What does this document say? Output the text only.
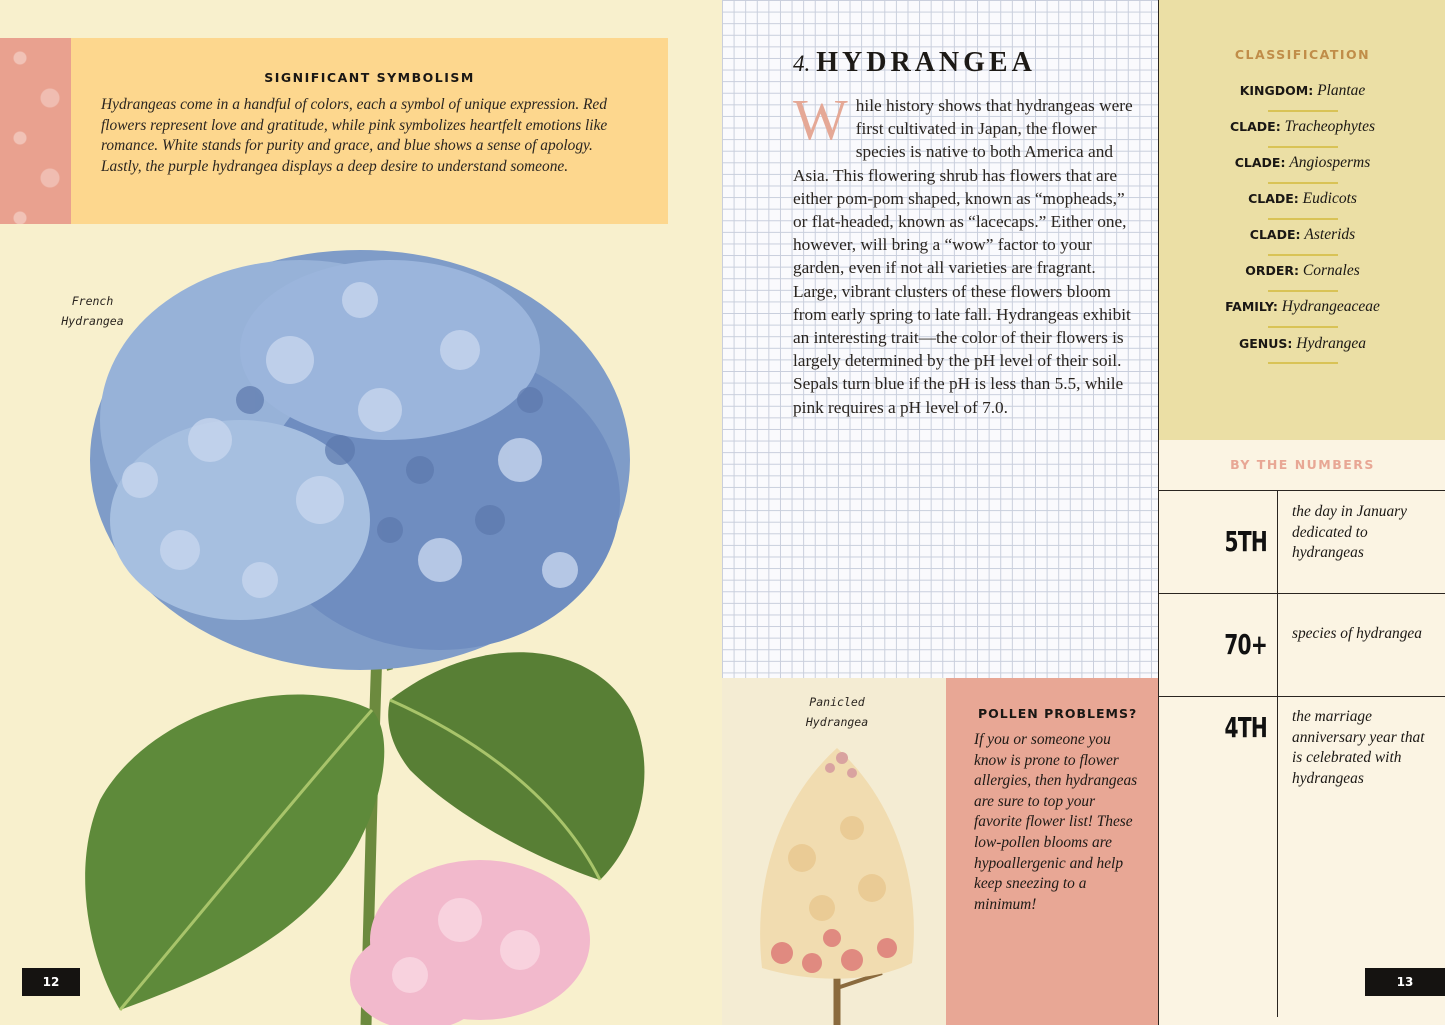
SIGNIFICANT SYMBOLISM
Hydrangeas come in a handful of colors, each a symbol of unique expression. Red flowers represent love and gratitude, while pink symbolizes heartfelt emotions like romance. White stands for purity and grace, and blue shows a sense of apology. Lastly, the purple hydrangea displays a deep desire to understand someone.
French
Hydrangea
12
4. HYDRANGEA
While history shows that hydrangeas were first cultivated in Japan, the flower species is native to both America and Asia. This flowering shrub has flowers that are either pom-pom shaped, known as “mopheads,” or flat-headed, known as “lacecaps.” Either one, however, will bring a “wow” factor to your garden, even if not all varieties are fragrant. Large, vibrant clusters of these flowers bloom from early spring to late fall. Hydrangeas exhibit an interesting trait—the color of their flowers is largely determined by the pH level of their soil. Sepals turn blue if the pH is less than 5.5, while pink requires a pH level of 7.0.
Panicled
Hydrangea
POLLEN PROBLEMS?
If you or someone you know is prone to flower allergies, then hydrangeas are sure to top your favorite flower list! These low-pollen blooms are hypoallergenic and help keep sneezing to a minimum!
CLASSIFICATION
KINGDOM: Plantae
CLADE: Tracheophytes
CLADE: Angiosperms
CLADE: Eudicots
CLADE: Asterids
ORDER: Cornales
FAMILY: Hydrangeaceae
GENUS: Hydrangea
BY THE NUMBERS
5TH
the day in January dedicated to hydrangeas
70+ species of hydrangea
4TH the marriage anniversary year that is celebrated with hydrangeas
13
